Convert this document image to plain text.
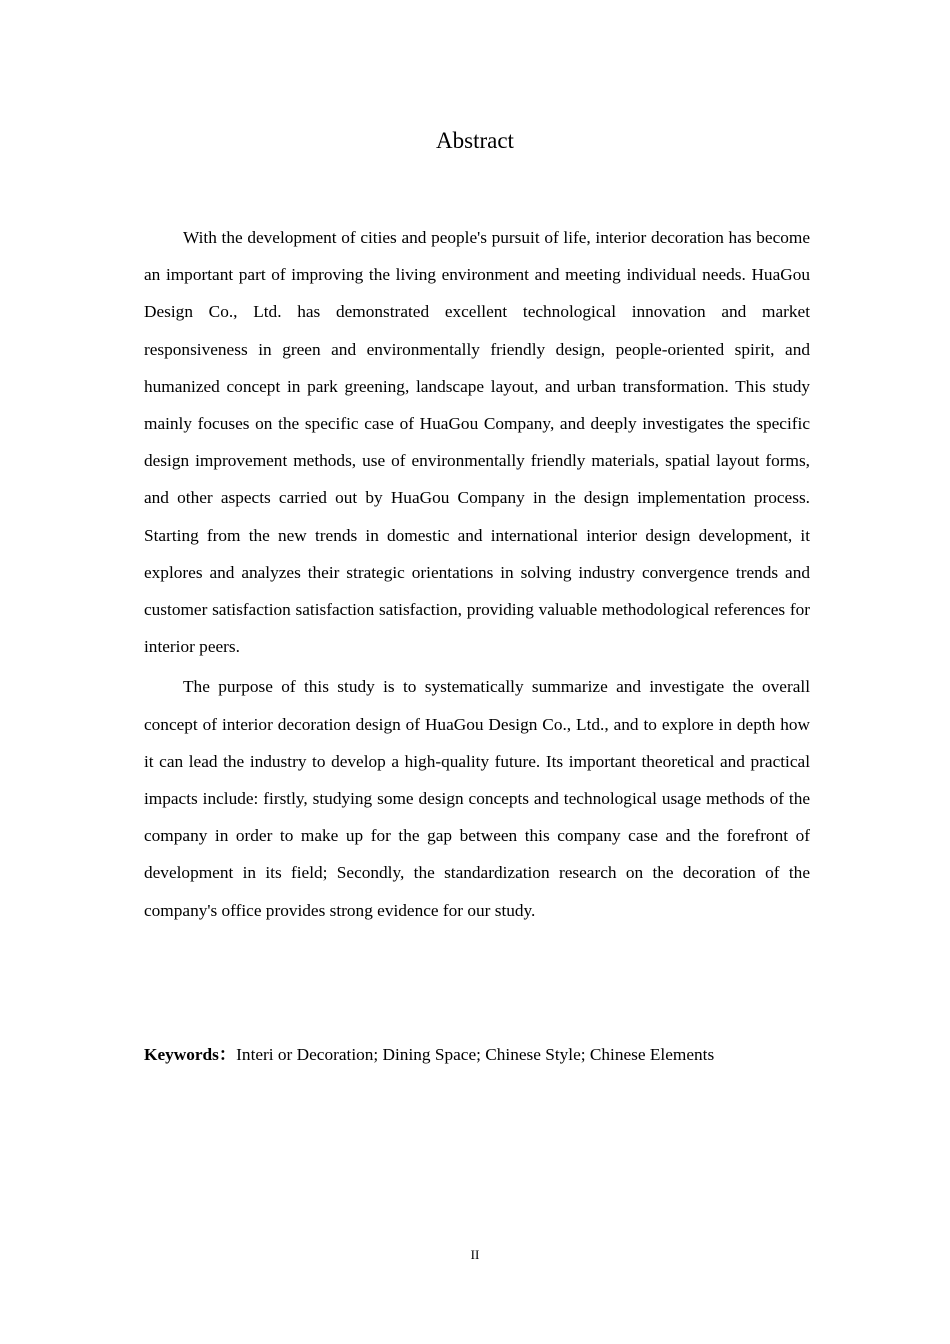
Abstract

With the development of cities and people's pursuit of life, interior decoration has become an important part of improving the living environment and meeting individual needs. HuaGou Design Co., Ltd. has demonstrated excellent technological innovation and market responsiveness in green and environmentally friendly design, people-oriented spirit, and humanized concept in park greening, landscape layout, and urban transformation. This study mainly focuses on the specific case of HuaGou Company, and deeply investigates the specific design improvement methods, use of environmentally friendly materials, spatial layout forms, and other aspects carried out by HuaGou Company in the design implementation process. Starting from the new trends in domestic and international interior design development, it explores and analyzes their strategic orientations in solving industry convergence trends and customer satisfaction satisfaction satisfaction, providing valuable methodological references for interior peers.

The purpose of this study is to systematically summarize and investigate the overall concept of interior decoration design of HuaGou Design Co., Ltd., and to explore in depth how it can lead the industry to develop a high-quality future. Its important theoretical and practical impacts include: firstly, studying some design concepts and technological usage methods of the company in order to make up for the gap between this company case and the forefront of development in its field; Secondly, the standardization research on the decoration of the company's office provides strong evidence for our study.

Keywords：Interi or Decoration; Dining Space; Chinese Style; Chinese Elements

II
